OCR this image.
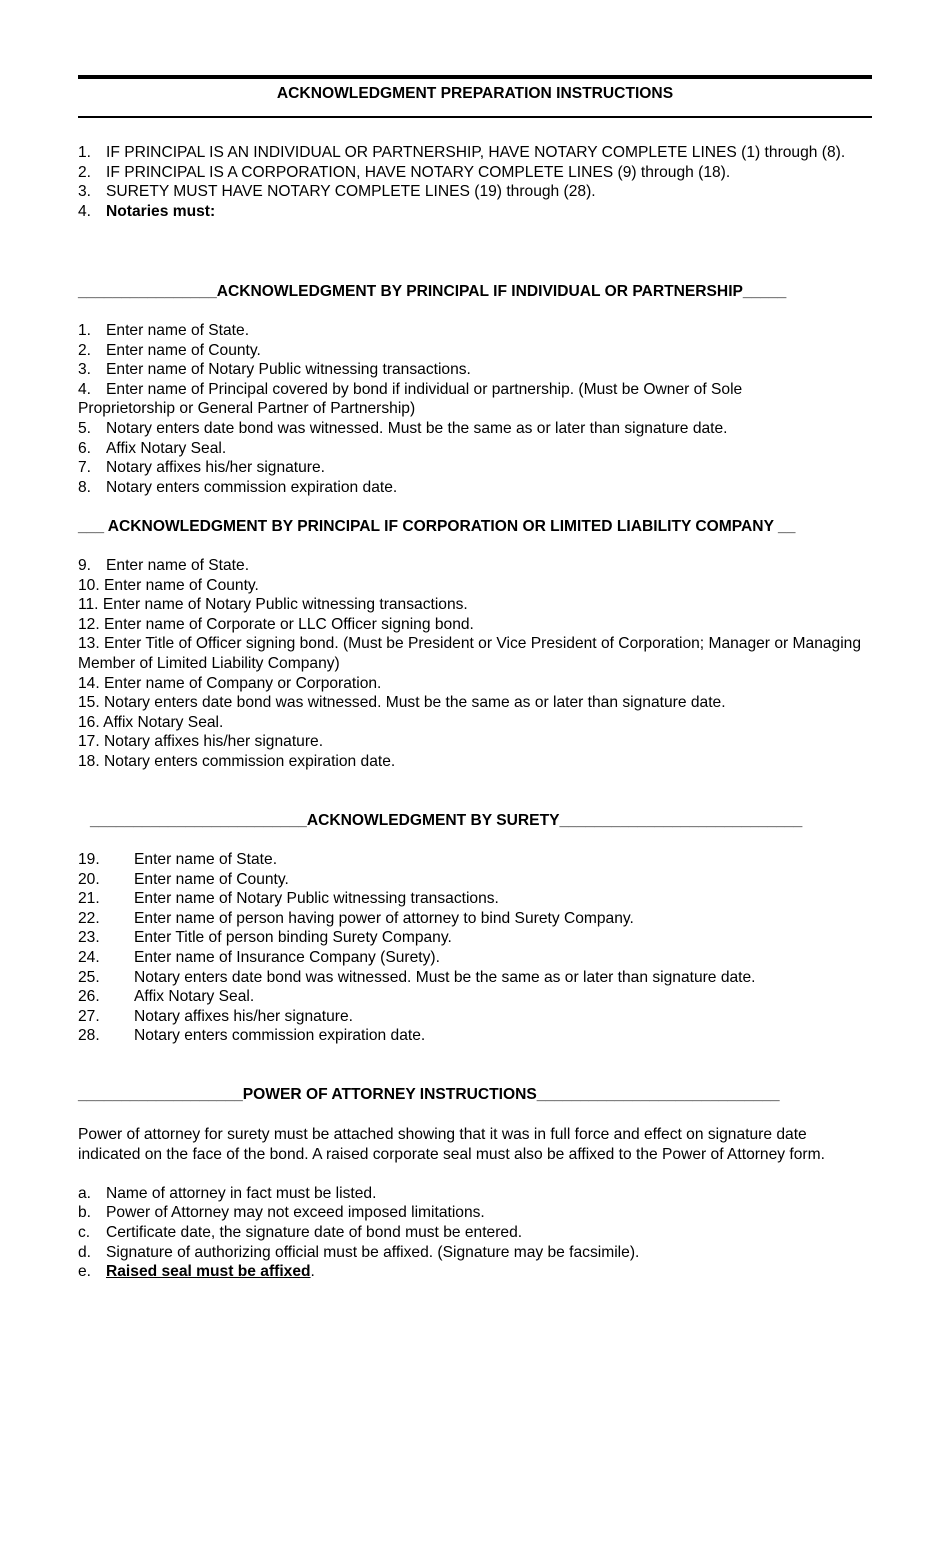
ACKNOWLEDGMENT PREPARATION INSTRUCTIONS
1. IF PRINCIPAL IS AN INDIVIDUAL OR PARTNERSHIP, HAVE NOTARY COMPLETE LINES (1) through (8).
2. IF PRINCIPAL IS A CORPORATION, HAVE NOTARY COMPLETE LINES (9) through (18).
3. SURETY MUST HAVE NOTARY COMPLETE LINES (19) through (28).
4. Notaries must:
________________ACKNOWLEDGMENT BY PRINCIPAL IF INDIVIDUAL OR PARTNERSHIP_____
1. Enter name of State.
2. Enter name of County.
3. Enter name of Notary Public witnessing transactions.
4. Enter name of Principal covered by bond if individual or partnership. (Must be Owner of Sole Proprietorship or General Partner of Partnership)
5. Notary enters date bond was witnessed. Must be the same as or later than signature date.
6. Affix Notary Seal.
7. Notary affixes his/her signature.
8. Notary enters commission expiration date.
___ ACKNOWLEDGMENT BY PRINCIPAL IF CORPORATION OR LIMITED LIABILITY COMPANY __
9. Enter name of State.
10. Enter name of County.
11. Enter name of Notary Public witnessing transactions.
12. Enter name of Corporate or LLC Officer signing bond.
13. Enter Title of Officer signing bond. (Must be President or Vice President of Corporation; Manager or Managing Member of Limited Liability Company)
14. Enter name of Company or Corporation.
15. Notary enters date bond was witnessed. Must be the same as or later than signature date.
16. Affix Notary Seal.
17. Notary affixes his/her signature.
18. Notary enters commission expiration date.
_________________________ACKNOWLEDGMENT BY SURETY____________________________
19. Enter name of State.
20. Enter name of County.
21. Enter name of Notary Public witnessing transactions.
22. Enter name of person having power of attorney to bind Surety Company.
23. Enter Title of person binding Surety Company.
24. Enter name of Insurance Company (Surety).
25. Notary enters date bond was witnessed. Must be the same as or later than signature date.
26. Affix Notary Seal.
27. Notary affixes his/her signature.
28. Notary enters commission expiration date.
___________________POWER OF ATTORNEY INSTRUCTIONS____________________________
Power of attorney for surety must be attached showing that it was in full force and effect on signature date indicated on the face of the bond. A raised corporate seal must also be affixed to the Power of Attorney form.
a. Name of attorney in fact must be listed.
b. Power of Attorney may not exceed imposed limitations.
c. Certificate date, the signature date of bond must be entered.
d. Signature of authorizing official must be affixed. (Signature may be facsimile).
e. Raised seal must be affixed.
